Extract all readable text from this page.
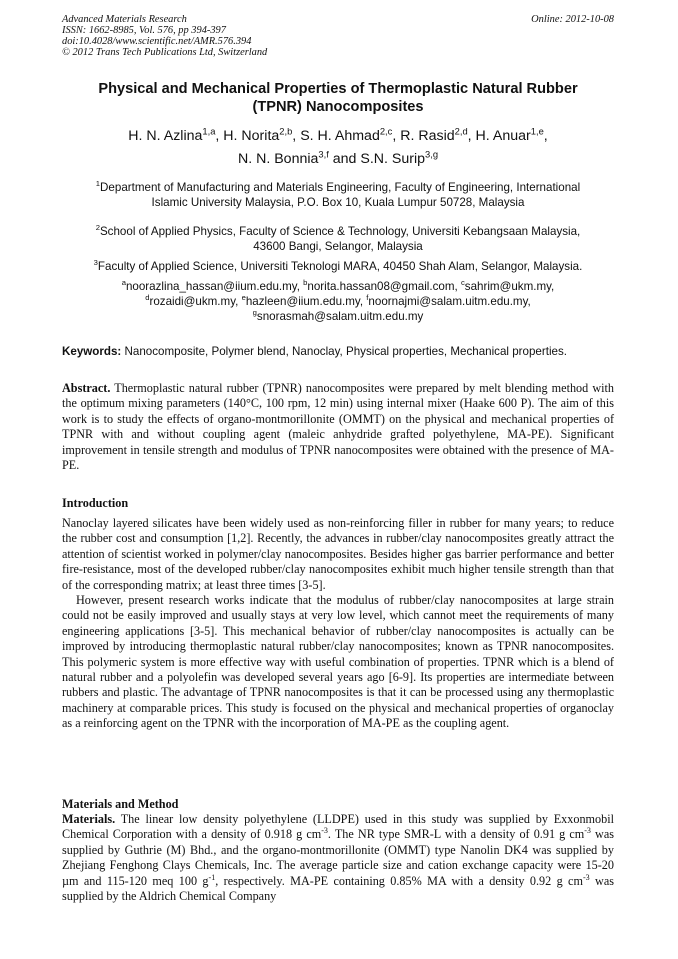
Advanced Materials Research
ISSN: 1662-8985, Vol. 576, pp 394-397
doi:10.4028/www.scientific.net/AMR.576.394
© 2012 Trans Tech Publications Ltd, Switzerland
Online: 2012-10-08
Physical and Mechanical Properties of Thermoplastic Natural Rubber
(TPNR) Nanocomposites
H. N. Azlina$^{1,a}$, H. Norita$^{2,b}$, S. H. Ahmad$^{2,c}$, R. Rasid$^{2,d}$, H. Anuar$^{1,e}$,
N. N. Bonnia$^{3,f}$ and S.N. Surip$^{3,g}$
$^1$Department of Manufacturing and Materials Engineering, Faculty of Engineering, International
Islamic University Malaysia, P.O. Box 10, Kuala Lumpur 50728, Malaysia
$^2$School of Applied Physics, Faculty of Science & Technology, Universiti Kebangsaan Malaysia,
43600 Bangi, Selangor, Malaysia
$^3$Faculty of Applied Science, Universiti Teknologi MARA, 40450 Shah Alam, Selangor, Malaysia.
$^a$noorazlina_hassan@iium.edu.my, $^b$norita.hassan08@gmail.com, $^c$sahrim@ukm.my,
$^d$rozaidi@ukm.my, $^e$hazleen@iium.edu.my, $^f$noornajmi@salam.uitm.edu.my,
$^g$snorasmah@salam.uitm.edu.my
Keywords: Nanocomposite, Polymer blend, Nanoclay, Physical properties, Mechanical properties.

Abstract. Thermoplastic natural rubber (TPNR) nanocomposites were prepared by melt blending method with the optimum mixing parameters (140°C, 100 rpm, 12 min) using internal mixer (Haake 600 P). The aim of this work is to study the effects of organo-montmorillonite (OMMT) on the physical and mechanical properties of TPNR with and without coupling agent (maleic anhydride grafted polyethylene, MA-PE). Significant improvement in tensile strength and modulus of TPNR nanocomposites were obtained with the presence of MA-PE.

Introduction

Nanoclay layered silicates have been widely used as non-reinforcing filler in rubber for many years; to reduce the rubber cost and consumption [1,2]. Recently, the advances in rubber/clay nanocomposites greatly attract the attention of scientist worked in polymer/clay nanocomposites. Besides higher gas barrier performance and better fire-resistance, most of the developed rubber/clay nanocomposites exhibit much higher tensile strength than that of the corresponding matrix; at least three times [3-5].

However, present research works indicate that the modulus of rubber/clay nanocomposites at large strain could not be easily improved and usually stays at very low level, which cannot meet the requirements of many engineering applications [3-5]. This mechanical behavior of rubber/clay nanocomposites is actually can be improved by introducing thermoplastic natural rubber/clay nanocomposites; known as TPNR nanocomposites. This polymeric system is more effective way with useful combination of properties. TPNR which is a blend of natural rubber and a polyolefin was developed several years ago [6-9]. Its properties are intermediate between rubbers and plastic. The advantage of TPNR nanocomposites is that it can be processed using any thermoplastic machinery at comparable prices. This study is focused on the physical and mechanical properties of organoclay as a reinforcing agent on the TPNR with the incorporation of MA-PE as the coupling agent.

Materials and Method

Materials. The linear low density polyethylene (LLDPE) used in this study was supplied by Exxonmobil Chemical Corporation with a density of 0.918 g $cm^{-3}$. The NR type SMR-L with a density of 0.91 g $cm^{-3}$ was supplied by Guthrie (M) Bhd., and the organo-montmorillonite (OMMT) type Nanolin DK4 was supplied by Zhejiang Fenghong Clays Chemicals, Inc. The average particle size and cation exchange capacity were 15-20 µm and 115-120 meq 100 $g^{-1}$, respectively. MA-PE containing 0.85% MA with a density 0.92 g $cm^{-3}$ was supplied by the Aldrich Chemical Company
